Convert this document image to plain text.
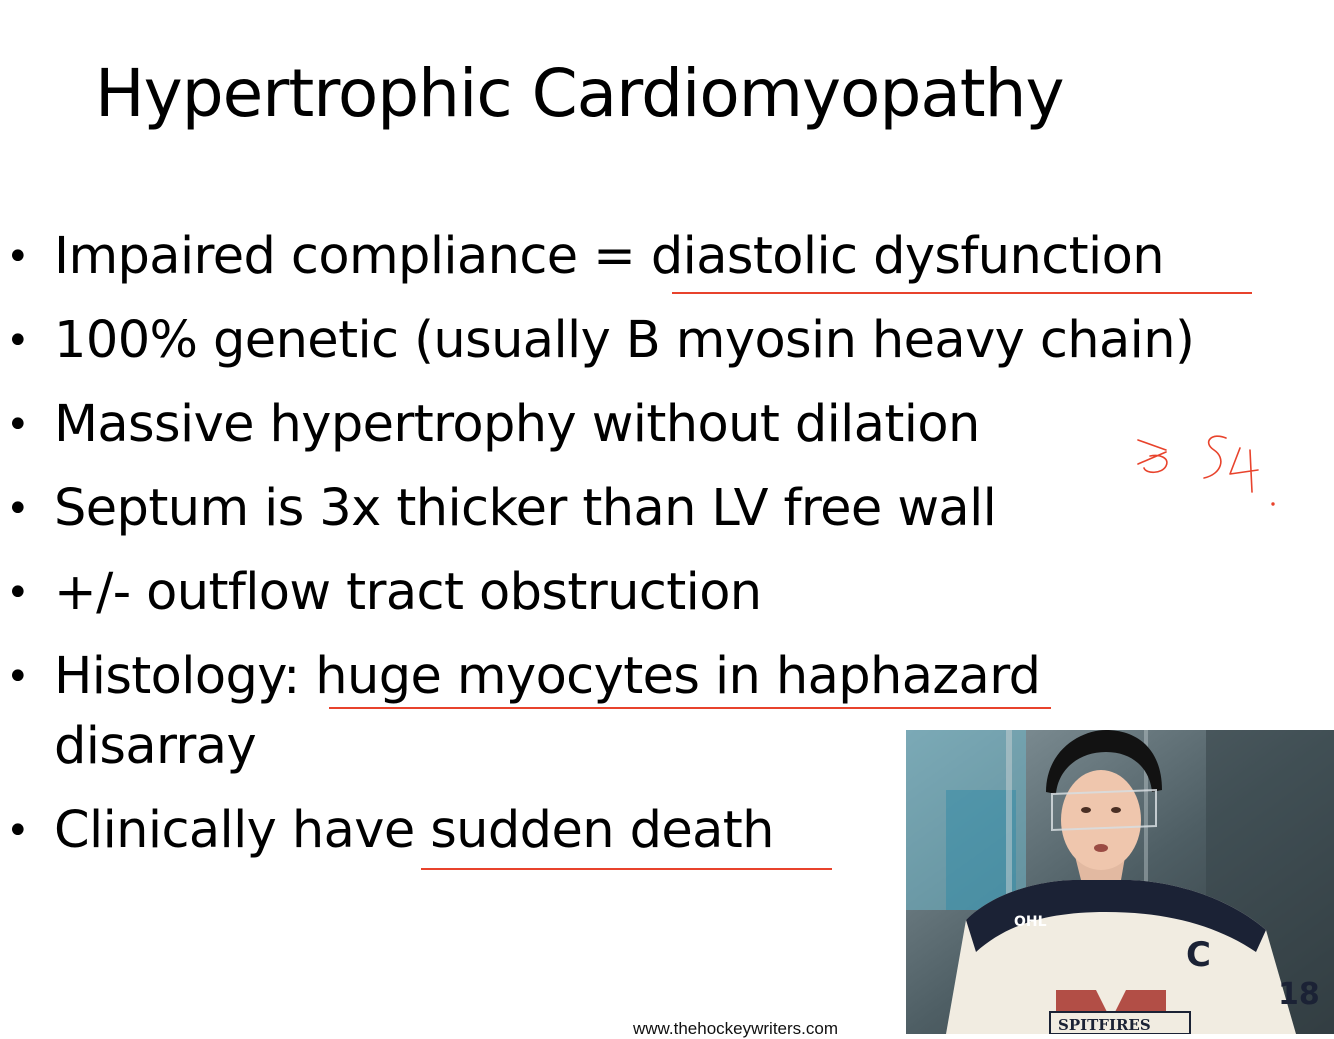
Hypertrophic Cardiomyopathy
• Impaired compliance = diastolic dysfunction
• 100% genetic (usually B myosin heavy chain)
• Massive hypertrophy without dilation
• Septum is 3x thicker than LV free wall
• +/- outflow tract obstruction
• Histology: huge myocytes in haphazard
disarray
• Clinically have sudden death
C
18
OHL
SPITFIRES
www.thehockeywriters.com
